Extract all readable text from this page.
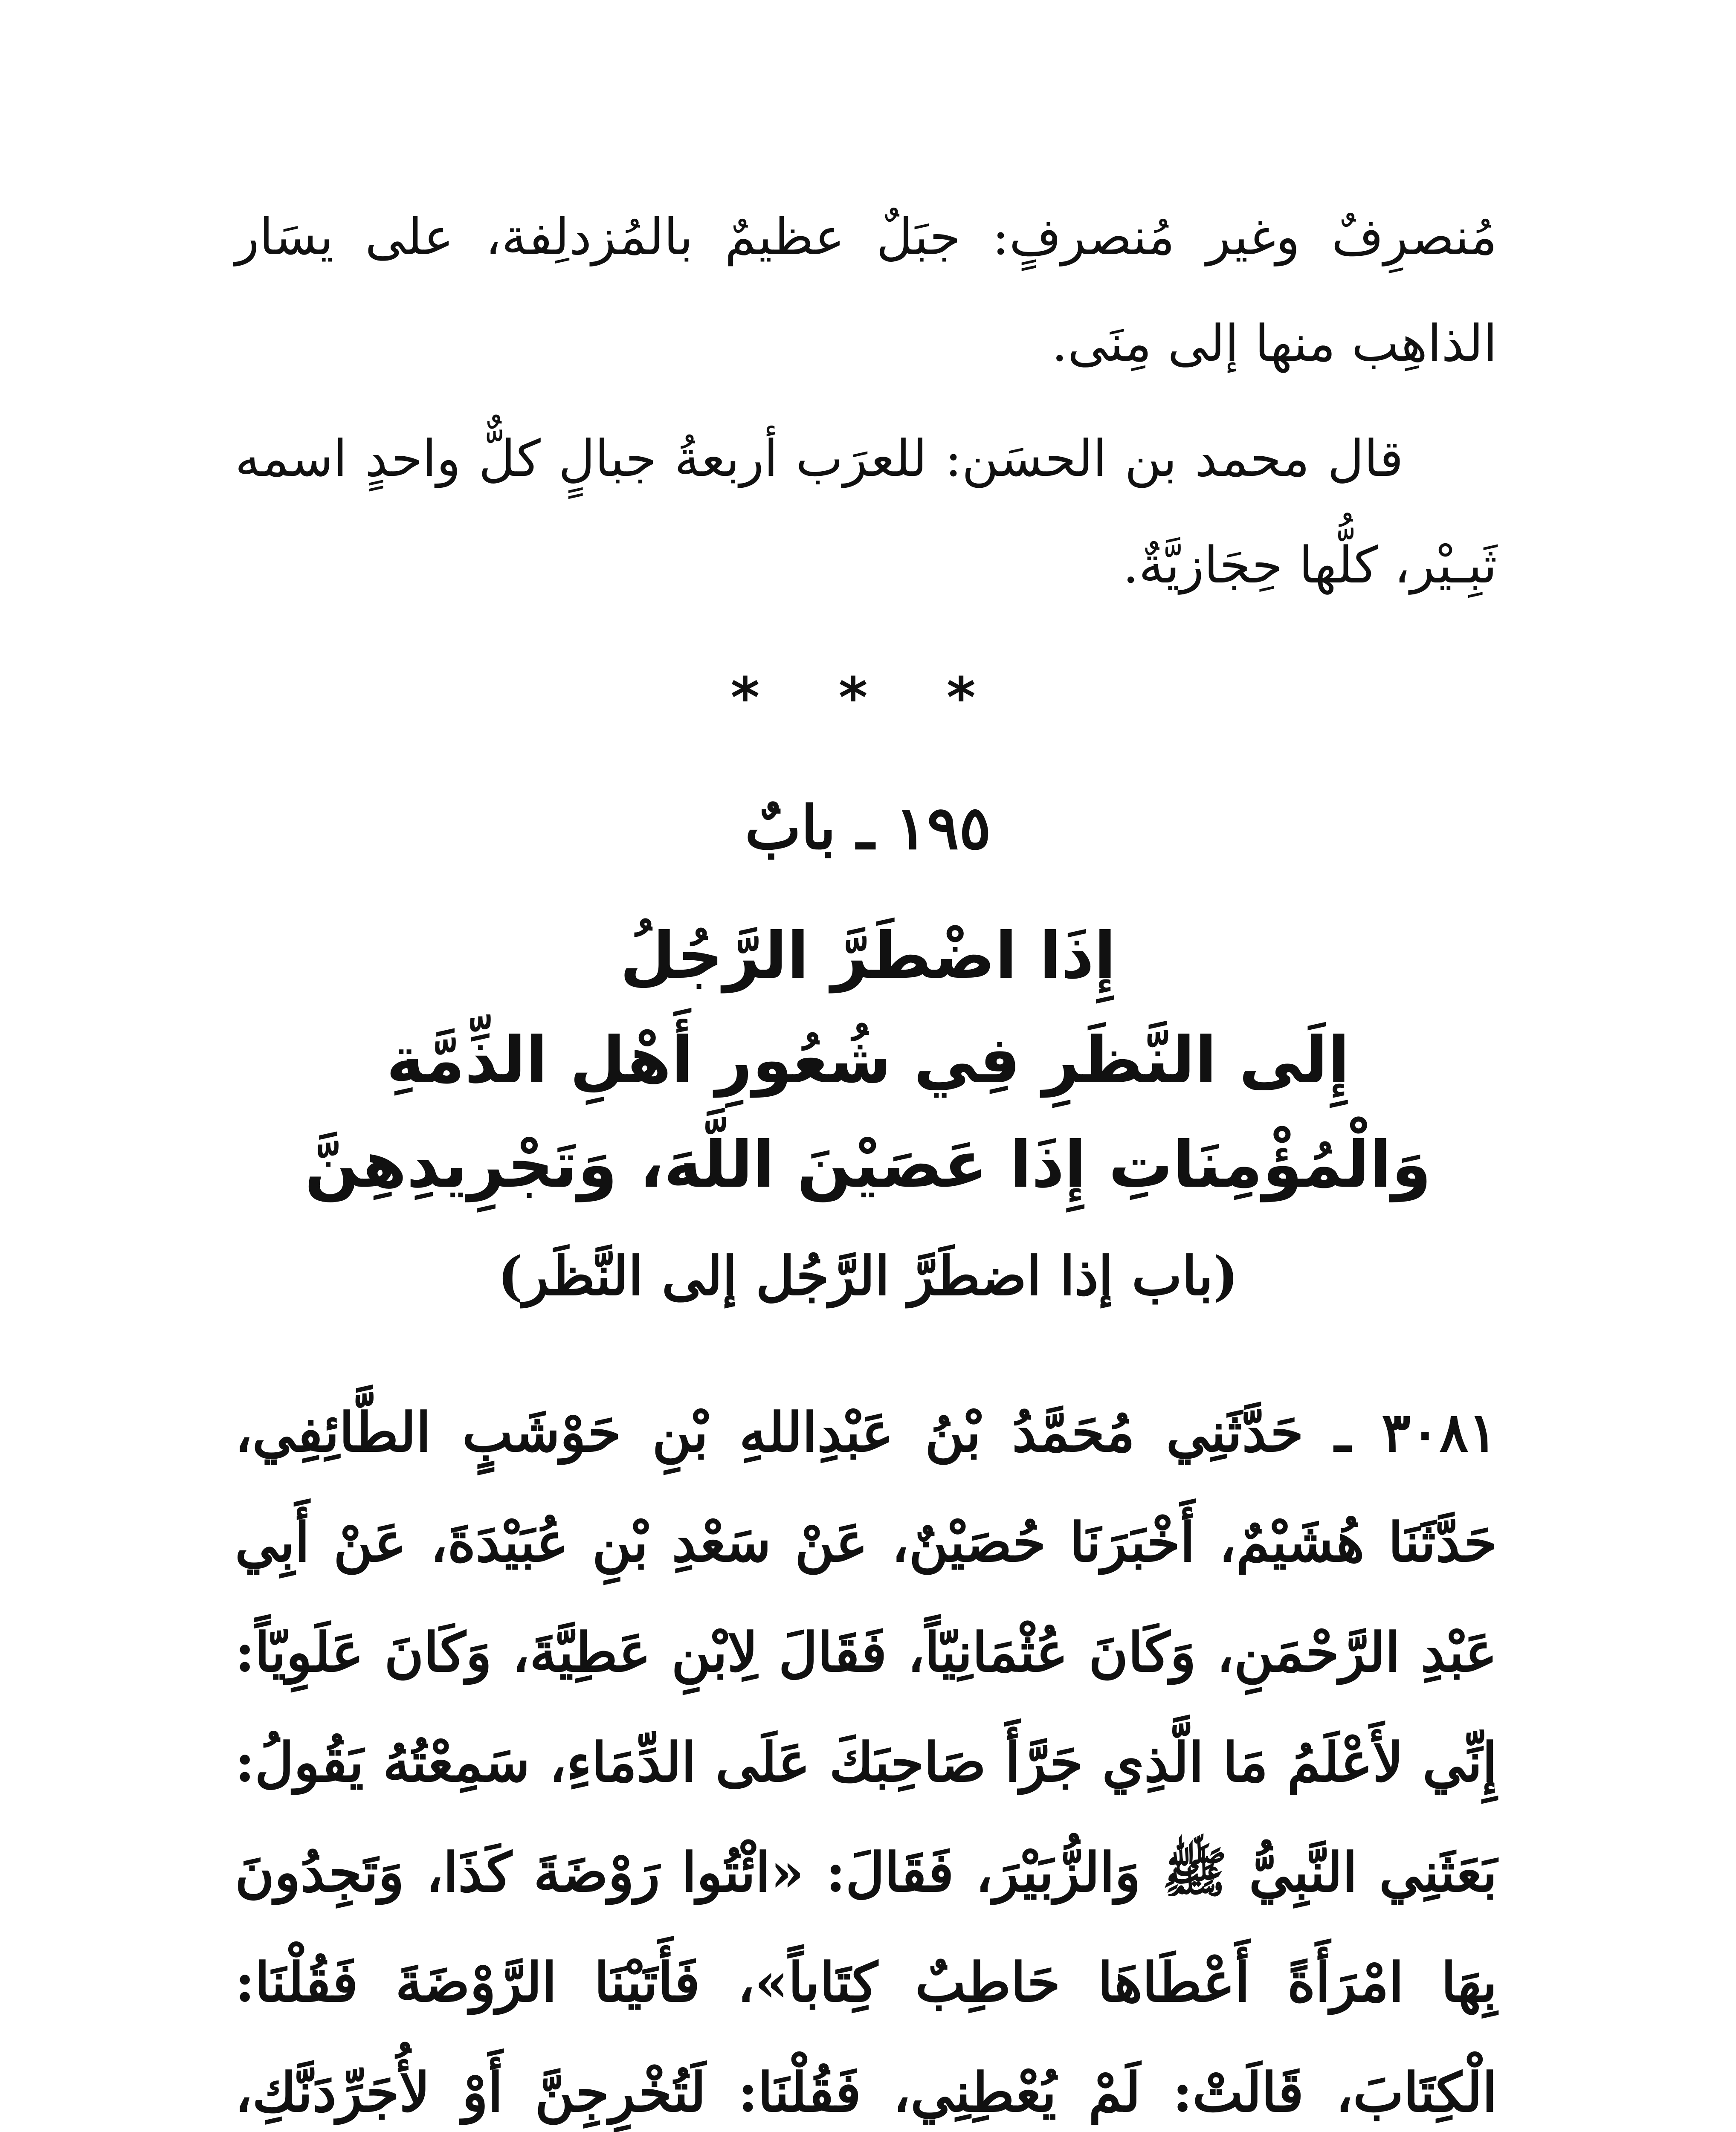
مُنصرِفٌ وغير مُنصرفٍ: جبَلٌ عظيمٌ بالمُزدلِفة، على يسَار الذاهِب منها إلى مِنَى.
قال محمد بن الحسَن: للعرَب أربعةُ جبالٍ كلٌّ واحدٍ اسمه ثَبِـيْر، كلُّها حِجَازيَّةٌ.
* * *
١٩٥ ـ بابٌ
إِذَا اضْطَرَّ الرَّجُلُ
إِلَى النَّظَرِ فِي شُعُورِ أَهْلِ الذِّمَّةِ
وَالْمُؤْمِنَاتِ إِذَا عَصَيْنَ اللَّهَ، وَتَجْرِيدِهِنَّ
(باب إذا اضطَرَّ الرَّجُل إلى النَّظَر)
٣٠٨١ ـ حَدَّثَنِي مُحَمَّدُ بْنُ عَبْدِاللهِ بْنِ حَوْشَبٍ الطَّائِفِي، حَدَّثَنَا هُشَيْمٌ، أَخْبَرَنَا حُصَيْنٌ، عَنْ سَعْدِ بْنِ عُبَيْدَةَ، عَنْ أَبِي عَبْدِ الرَّحْمَنِ، وَكَانَ عُثْمَانِيّاً، فَقَالَ لِابْنِ عَطِيَّةَ، وَكَانَ عَلَوِيّاً: إِنِّي لأَعْلَمُ مَا الَّذِي جَرَّأَ صَاحِبَكَ عَلَى الدِّمَاءِ، سَمِعْتُهُ يَقُولُ: بَعَثَنِي النَّبِيُّ ﷺ وَالزُّبَيْرَ، فَقَالَ: «ائْتُوا رَوْضَةَ كَذَا، وَتَجِدُونَ بِهَا امْرَأَةً أَعْطَاهَا حَاطِبٌ كِتَاباً»، فَأَتَيْنَا الرَّوْضَةَ فَقُلْنَا: الْكِتَابَ، قَالَتْ: لَمْ يُعْطِنِي، فَقُلْنَا: لَتُخْرِجِنَّ أَوْ لأُجَرِّدَنَّكِ،
